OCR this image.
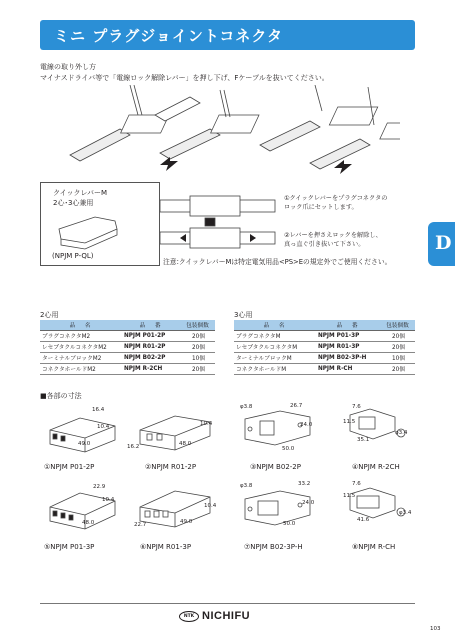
ミニ プラグジョイントコネクタ
D
電線の取り外し方
マイナスドライバ等で「電線ロック解除レバー」を押し下げ、Fケーブルを抜いてください。
クイックレバーM
2心･3心兼用
(NPJM P-QL)
①クイックレバーをプラグコネクタの
ロック爪にセットします。
②レバーを押さえロックを解除し、
真っ直ぐ引き抜いて下さい。
注意:クイックレバーMは特定電気用品<PS>Eの規定外でご使用ください。
2心用
品　名	品　番	包装個数
プラグコネクタM2	NPJM P01-2P	20個
レセプタクルコネクタM2	NPJM R01-2P	20個
ターミナルブロックM2	NPJM B02-2P	10個
コネクタホールドM2	NPJM R-2CH	20個
3心用
品　名	品　番	包装個数
プラグコネクタM	NPJM P01-3P	20個
レセプタクルコネクタM	NPJM R01-3P	20個
ターミナルブロックM	NPJM B02-3P-H	10個
コネクタホールドM	NPJM R-CH	20個
■各部の寸法
16.4
10.4
49.0
10.4
16.2	48.0
φ3.8	26.7
24.0
50.0
7.6
11.5
φ3.4
35.1
①NPJM P01-2P	②NPJM R01-2P	③NPJM B02-2P	④NPJM R-2CH
22.9
10.4
48.0
10.4
22.7	49.0
φ3.8	33.2
24.0
50.0
7.6
11.5
φ3.4
41.6
⑤NPJM P01-3P	⑥NPJM R01-3P	⑦NPJM B02-3P-H	⑧NPJM R-CH
NTK NICHIFU
103
